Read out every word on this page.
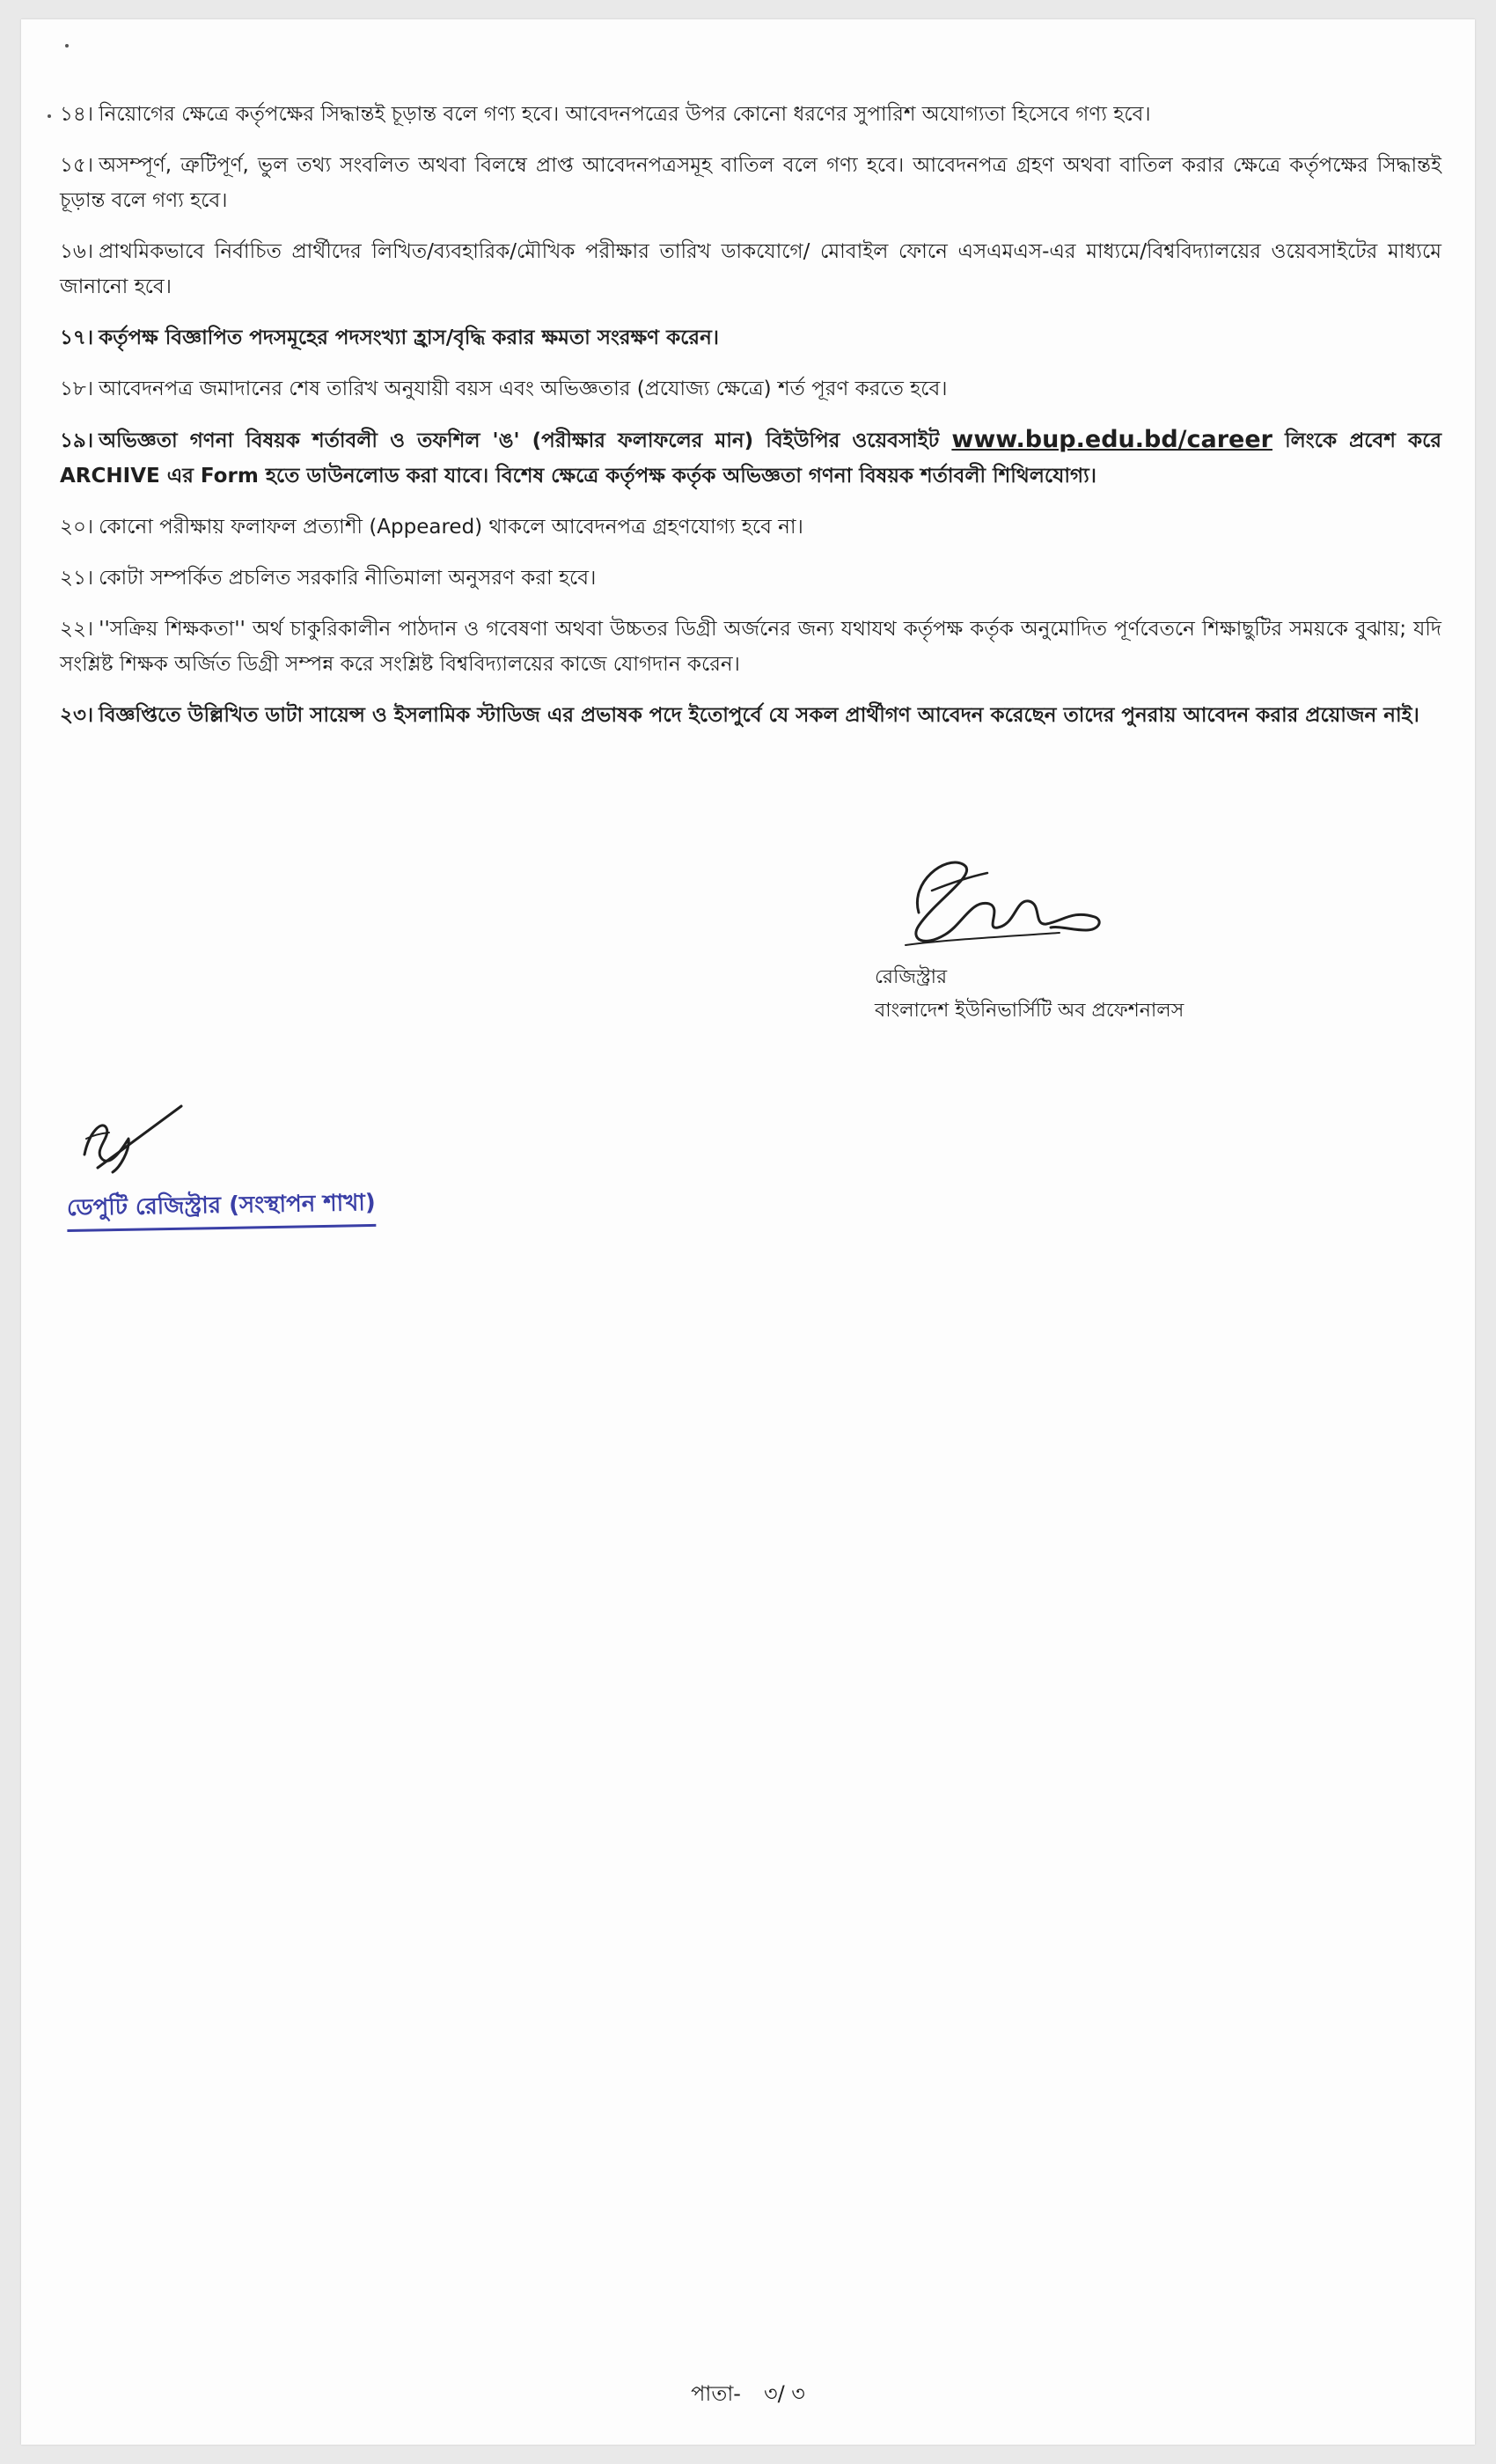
১৪। নিয়োগের ক্ষেত্রে কর্তৃপক্ষের সিদ্ধান্তই চূড়ান্ত বলে গণ্য হবে। আবেদনপত্রের উপর কোনো ধরণের সুপারিশ অযোগ্যতা হিসেবে গণ্য হবে।

১৫। অসম্পূর্ণ, ত্রুটিপূর্ণ, ভুল তথ্য সংবলিত অথবা বিলম্বে প্রাপ্ত আবেদনপত্রসমূহ বাতিল বলে গণ্য হবে। আবেদনপত্র গ্রহণ অথবা বাতিল করার ক্ষেত্রে কর্তৃপক্ষের সিদ্ধান্তই চূড়ান্ত বলে গণ্য হবে।

১৬। প্রাথমিকভাবে নির্বাচিত প্রার্থীদের লিখিত/ব্যবহারিক/মৌখিক পরীক্ষার তারিখ ডাকযোগে/ মোবাইল ফোনে এসএমএস-এর মাধ্যমে/বিশ্ববিদ্যালয়ের ওয়েবসাইটের মাধ্যমে জানানো হবে।

১৭। কর্তৃপক্ষ বিজ্ঞাপিত পদসমূহের পদসংখ্যা হ্রাস/বৃদ্ধি করার ক্ষমতা সংরক্ষণ করেন।

১৮। আবেদনপত্র জমাদানের শেষ তারিখ অনুযায়ী বয়স এবং অভিজ্ঞতার (প্রযোজ্য ক্ষেত্রে) শর্ত পূরণ করতে হবে।

১৯। অভিজ্ঞতা গণনা বিষয়ক শর্তাবলী ও তফশিল 'ঙ' (পরীক্ষার ফলাফলের মান) বিইউপির ওয়েবসাইট www.bup.edu.bd/career লিংকে প্রবেশ করে ARCHIVE এর Form হতে ডাউনলোড করা যাবে। বিশেষ ক্ষেত্রে কর্তৃপক্ষ কর্তৃক অভিজ্ঞতা গণনা বিষয়ক শর্তাবলী শিথিলযোগ্য।

২০। কোনো পরীক্ষায় ফলাফল প্রত্যাশী (Appeared) থাকলে আবেদনপত্র গ্রহণযোগ্য হবে না।

২১। কোটা সম্পর্কিত প্রচলিত সরকারি নীতিমালা অনুসরণ করা হবে।

২২। ''সক্রিয় শিক্ষকতা'' অর্থ চাকুরিকালীন পাঠদান ও গবেষণা অথবা উচ্চতর ডিগ্রী অর্জনের জন্য যথাযথ কর্তৃপক্ষ কর্তৃক অনুমোদিত পূর্ণবেতনে শিক্ষাছুটির সময়কে বুঝায়; যদি সংশ্লিষ্ট শিক্ষক অর্জিত ডিগ্রী সম্পন্ন করে সংশ্লিষ্ট বিশ্ববিদ্যালয়ের কাজে যোগদান করেন।

২৩। বিজ্ঞপ্তিতে উল্লিখিত ডাটা সায়েন্স ও ইসলামিক স্টাডিজ এর প্রভাষক পদে ইতোপুর্বে যে সকল প্রার্থীগণ আবেদন করেছেন তাদের পুনরায় আবেদন করার প্রয়োজন নাই।

রেজিস্ট্রার
বাংলাদেশ ইউনিভার্সিটি অব প্রফেশনালস
ডেপুটি রেজিস্ট্রার (সংস্থাপন শাখা)
পাতা- ৩/ ৩
